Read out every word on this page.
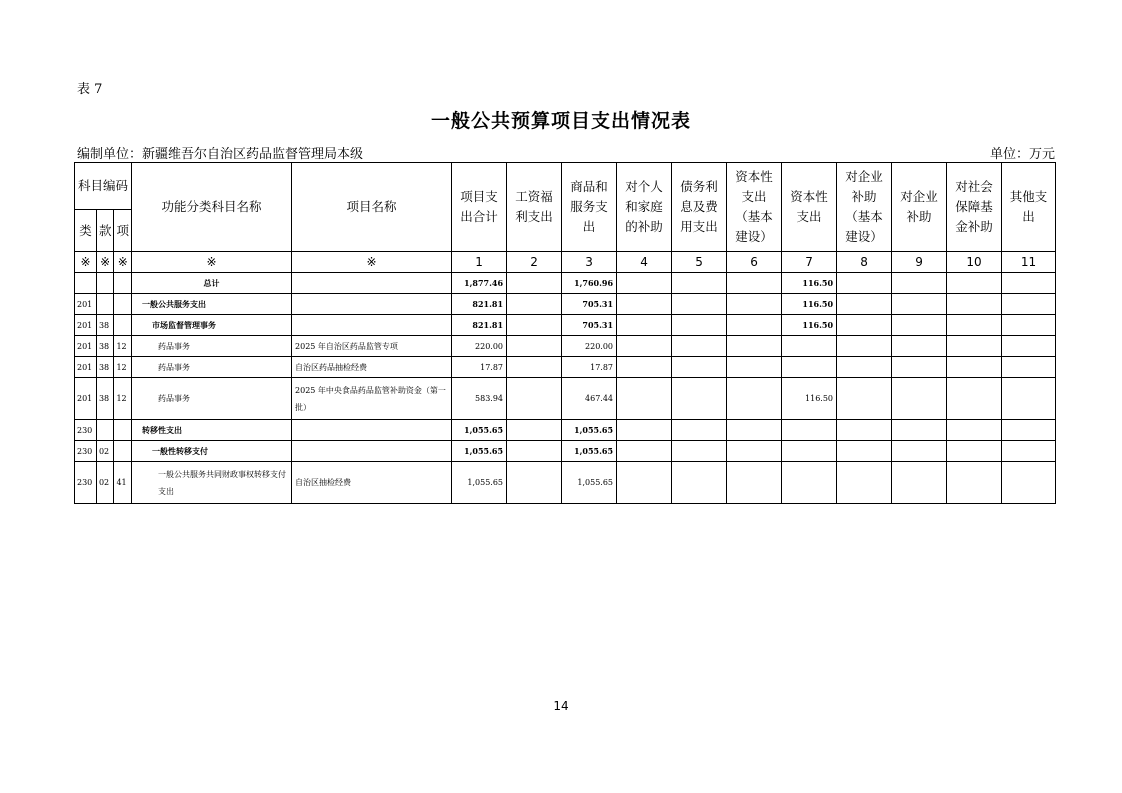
表 7
一般公共预算项目支出情况表
编制单位：新疆维吾尔自治区药品监督管理局本级	单位：万元
科目编码			功能分类科目名称	项目名称	项目支出合计	工资福利支出	商品和服务支出	对个人和家庭的补助	债务利息及费用支出	资本性支出（基本建设）	资本性支出	对企业补助（基本建设）	对企业补助	对社会保障基金补助	其他支出
类	款	项													
※	※	※	※	※	1	2	3	4	5	6	7	8	9	10	11
			总计		1,877.46		1,760.96				116.50				
201			一般公共服务支出		821.81		705.31				116.50				
201	38		市场监督管理事务		821.81		705.31				116.50				
201	38	12	药品事务	2025 年自治区药品监管专项	220.00		220.00								
201	38	12	药品事务	自治区药品抽检经费	17.87		17.87								
201	38	12	药品事务	2025 年中央食品药品监管补助资金（第一批）	583.94		467.44				116.50				
230			转移性支出		1,055.65		1,055.65								
230	02		一般性转移支付		1,055.65		1,055.65								
230	02	41	一般公共服务共同财政事权转移支付支出	自治区抽检经费	1,055.65		1,055.65								
14
